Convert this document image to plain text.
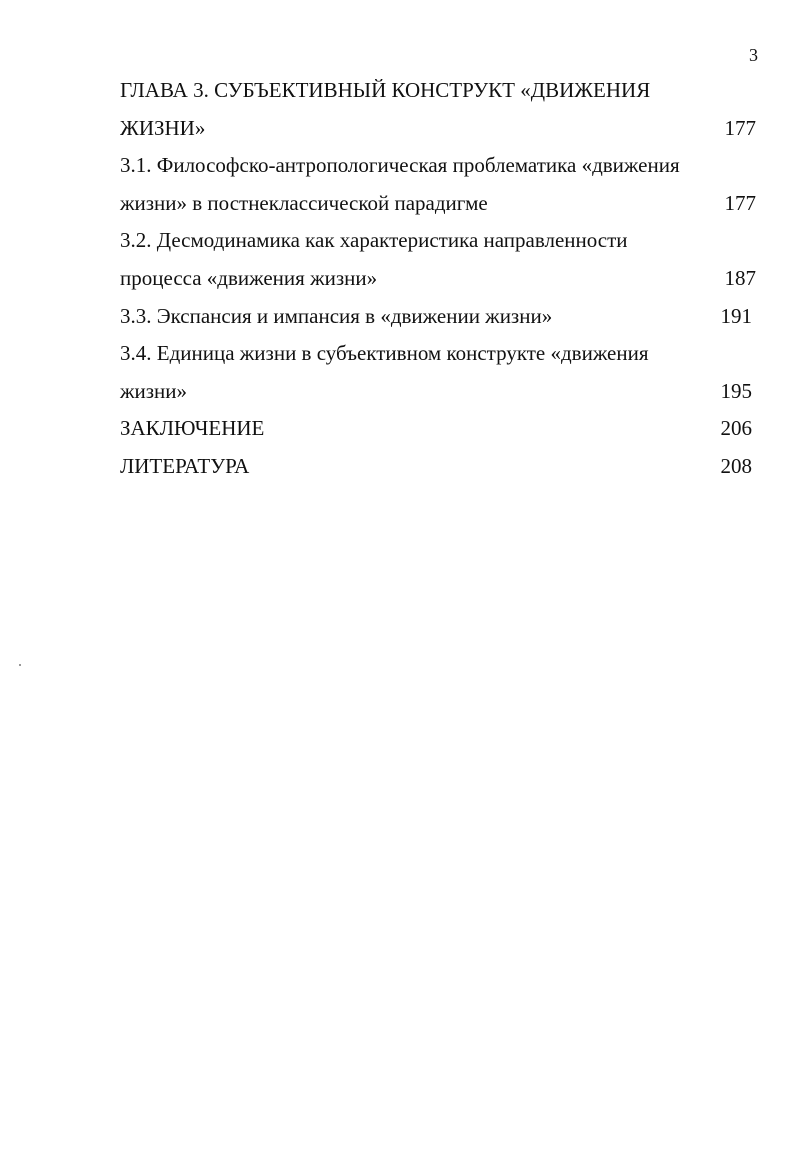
3
ГЛАВА 3. СУБЪЕКТИВНЫЙ КОНСТРУКТ «ДВИЖЕНИЯ
ЖИЗНИ»	177
3.1. Философско-антропологическая проблематика «движения
жизни» в постнеклассической парадигме	177
3.2. Десмодинамика как характеристика направленности
процесса «движения жизни»	187
3.3. Экспансия и импансия в «движении жизни»	191
3.4. Единица жизни в субъективном конструкте «движения
жизни»	195
ЗАКЛЮЧЕНИЕ	206
ЛИТЕРАТУРА	208
